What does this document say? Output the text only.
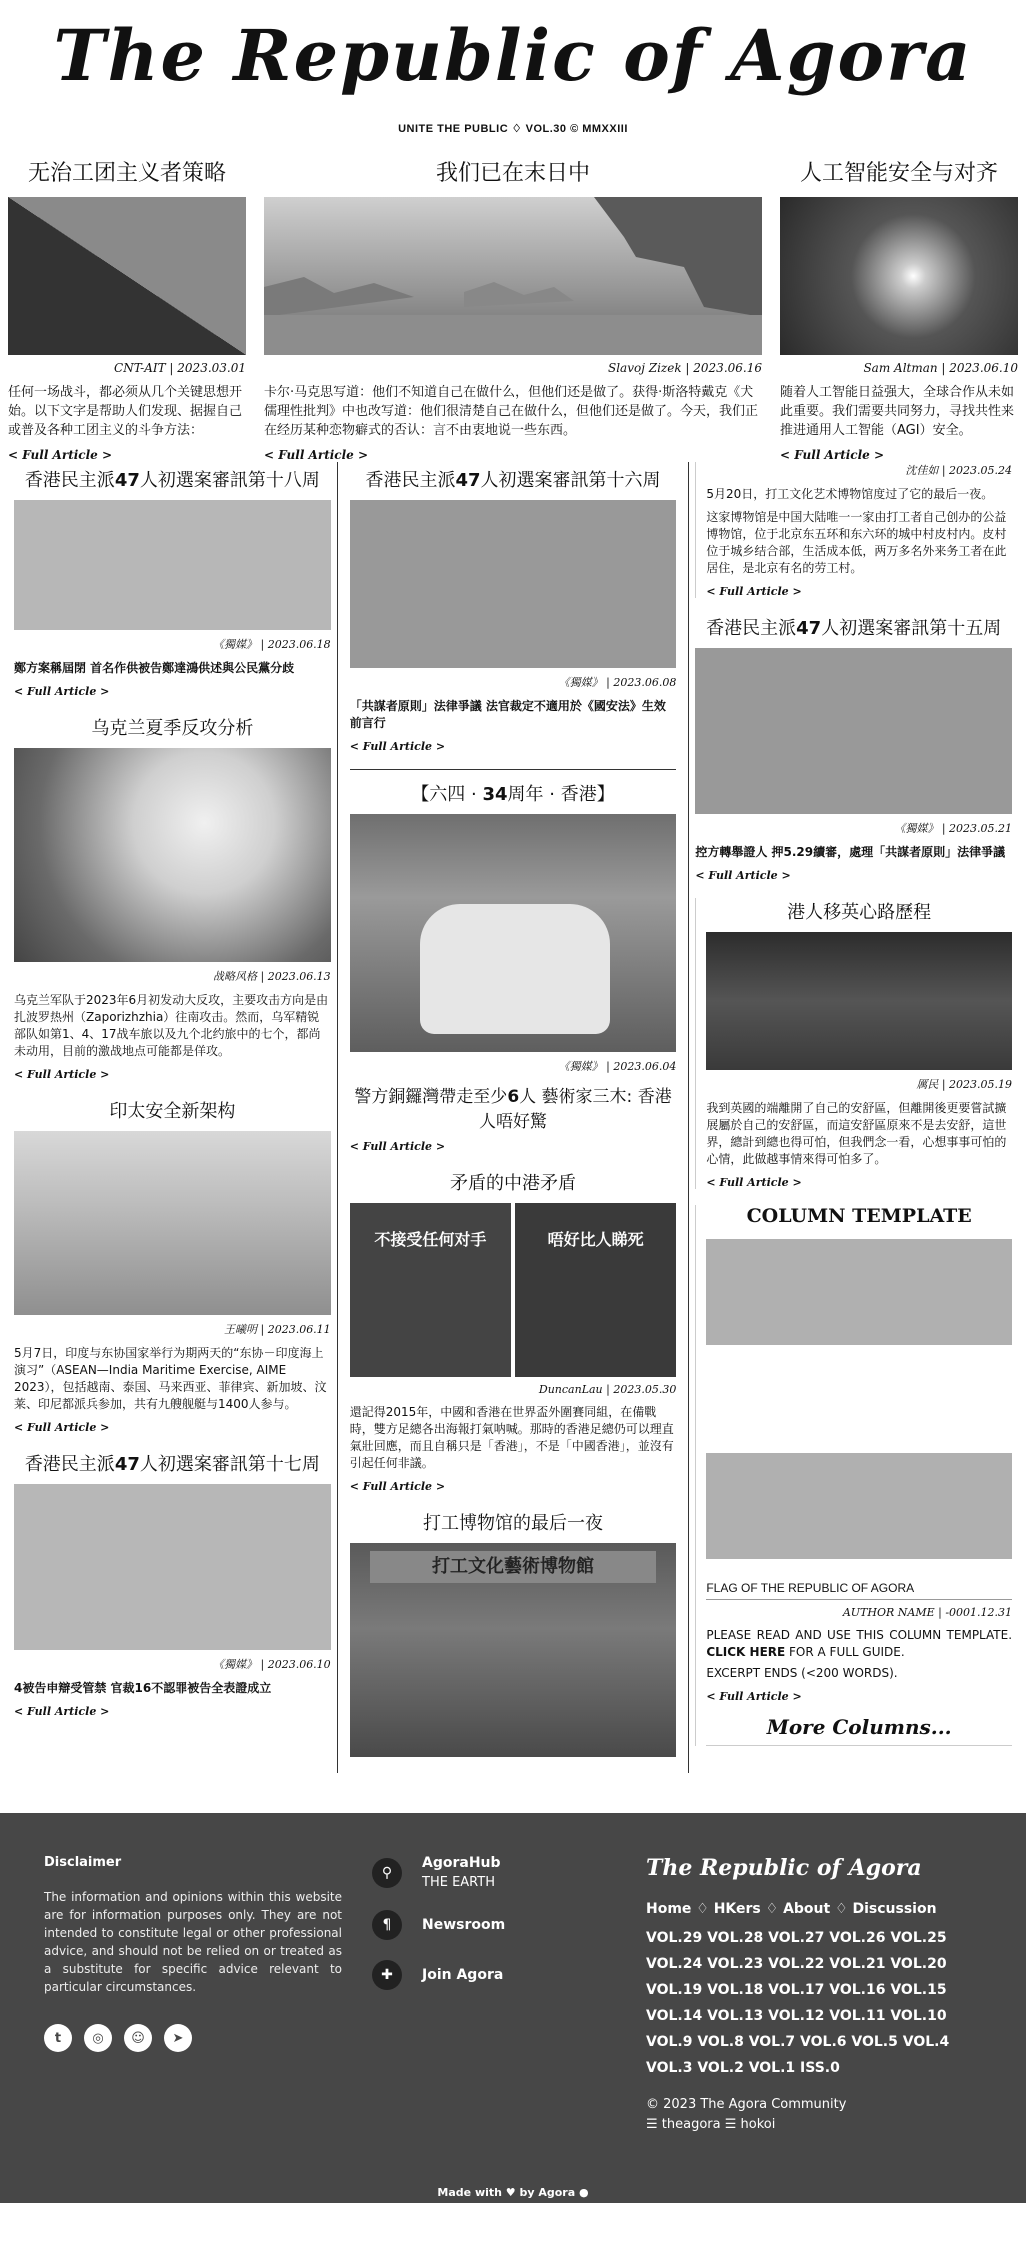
The Republic of Agora
UNITE THE PUBLIC ♢ VOL.30 © MMXXIII
无治工团主义者策略
CNT-AIT | 2023.03.01

任何一场战斗，都必须从几个关键思想开始。以下文字是帮助人们发现、据握自己或普及各种工团主义的斗争方法：

< Full Article >
我们已在末日中
Slavoj Zizek | 2023.06.16

卡尔·马克思写道：他们不知道自己在做什么，但他们还是做了。获得·斯洛特戴克《犬儒理性批判》中也改写道：他们很清楚自己在做什么，但他们还是做了。今天，我们正在经历某种恋物癖式的否认：言不由衷地说一些东西。

< Full Article >
人工智能安全与对齐
Sam Altman | 2023.06.10

随着人工智能日益强大，全球合作从未如此重要。我们需要共同努力，寻找共性来推进通用人工智能（AGI）安全。

< Full Article >
香港民主派47人初選案審訊第十八周
《獨媒》 | 2023.06.18
鄭方案稱屆閉 首名作供被告鄭達鴻供述與公民黨分歧
< Full Article >
乌克兰夏季反攻分析
战略风格 | 2023.06.13

乌克兰军队于2023年6月初发动大反攻，主要攻击方向是由扎波罗热州（Zaporizhzhia）往南攻击。然而，乌军精锐部队如第1、4、17战车旅以及九个北约旅中的七个，都尚未动用，目前的激战地点可能都是佯攻。

< Full Article >
印太安全新架构
王曦明 | 2023.06.11

5月7日，印度与东协国家举行为期两天的“东协－印度海上演习”（ASEAN—India Maritime Exercise, AIME 2023），包括越南、泰国、马来西亚、菲律宾、新加坡、汶莱、印尼都派兵参加，共有九艘舰艇与1400人参与。

< Full Article >
香港民主派47人初選案審訊第十七周
《獨媒》 | 2023.06.10
4被告申辯受管禁 官裁16不認罪被告全表證成立
< Full Article >
香港民主派47人初選案審訊第十六周
《獨媒》 | 2023.06.08
「共謀者原則」法律爭議 法官裁定不適用於《國安法》生效前言行
< Full Article >
【六四 · 34周年 · 香港】
《獨媒》 | 2023.06.04
警方銅鑼灣帶走至少6人 藝術家三木: 香港人唔好驚
< Full Article >
矛盾的中港矛盾
不接受任何对手	唔好比人睇死
DuncanLau | 2023.05.30

還記得2015年，中國和香港在世界盃外圍賽同組，在備戰時，雙方足總各出海報打氣呐喊。那時的香港足總仍可以理直氣壯回應，而且自稱只是「香港」，不是「中國香港」，並沒有引起任何非議。

< Full Article >
打工博物馆的最后一夜
打工文化藝術博物館
沈佳如 | 2023.05.24

5月20日，打工文化艺术博物馆度过了它的最后一夜。

这家博物馆是中国大陆唯一一家由打工者自己创办的公益博物馆，位于北京东五环和东六环的城中村皮村内。皮村位于城乡结合部，生活成本低，两万多名外来务工者在此居住，是北京有名的劳工村。

< Full Article >
香港民主派47人初選案審訊第十五周
《獨媒》 | 2023.05.21
控方轉舉證人 押5.29續審，處理「共謀者原則」法律爭議
< Full Article >
港人移英心路歷程
厲民 | 2023.05.19

我到英國的端離開了自己的安舒區，但離開後更要嘗試擴展屬於自己的安舒區，而這安舒區原來不是去安舒，這世界，總計到總也得可怕，但我們念一看，心想事事可怕的心情，此做越事情來得可怕多了。

< Full Article >
COLUMN TEMPLATE
FLAG OF THE REPUBLIC OF AGORA
AUTHOR NAME | -0001.12.31

PLEASE READ AND USE THIS COLUMN TEMPLATE. CLICK HERE FOR A FULL GUIDE.

EXCERPT ENDS (<200 WORDS).

< Full Article >
More Columns...
Disclaimer

The information and opinions within this website are for information purposes only. They are not intended to constitute legal or other professional advice, and should not be relied on or treated as a substitute for specific advice relevant to particular circumstances.

t	◎	☺	➤
⚲
AgoraHub
THE EARTH
¶	Newsroom
✚	Join Agora
The Republic of Agora
Home ♢ HKers ♢ About ♢ Discussion
VOL.29 VOL.28 VOL.27 VOL.26 VOL.25
VOL.24 VOL.23 VOL.22 VOL.21 VOL.20
VOL.19 VOL.18 VOL.17 VOL.16 VOL.15
VOL.14 VOL.13 VOL.12 VOL.11 VOL.10
VOL.9 VOL.8 VOL.7 VOL.6 VOL.5 VOL.4
VOL.3 VOL.2 VOL.1 ISS.0
© 2023 The Agora Community
☰ theagora ☰ hokoi
Made with ♥ by Agora ●
